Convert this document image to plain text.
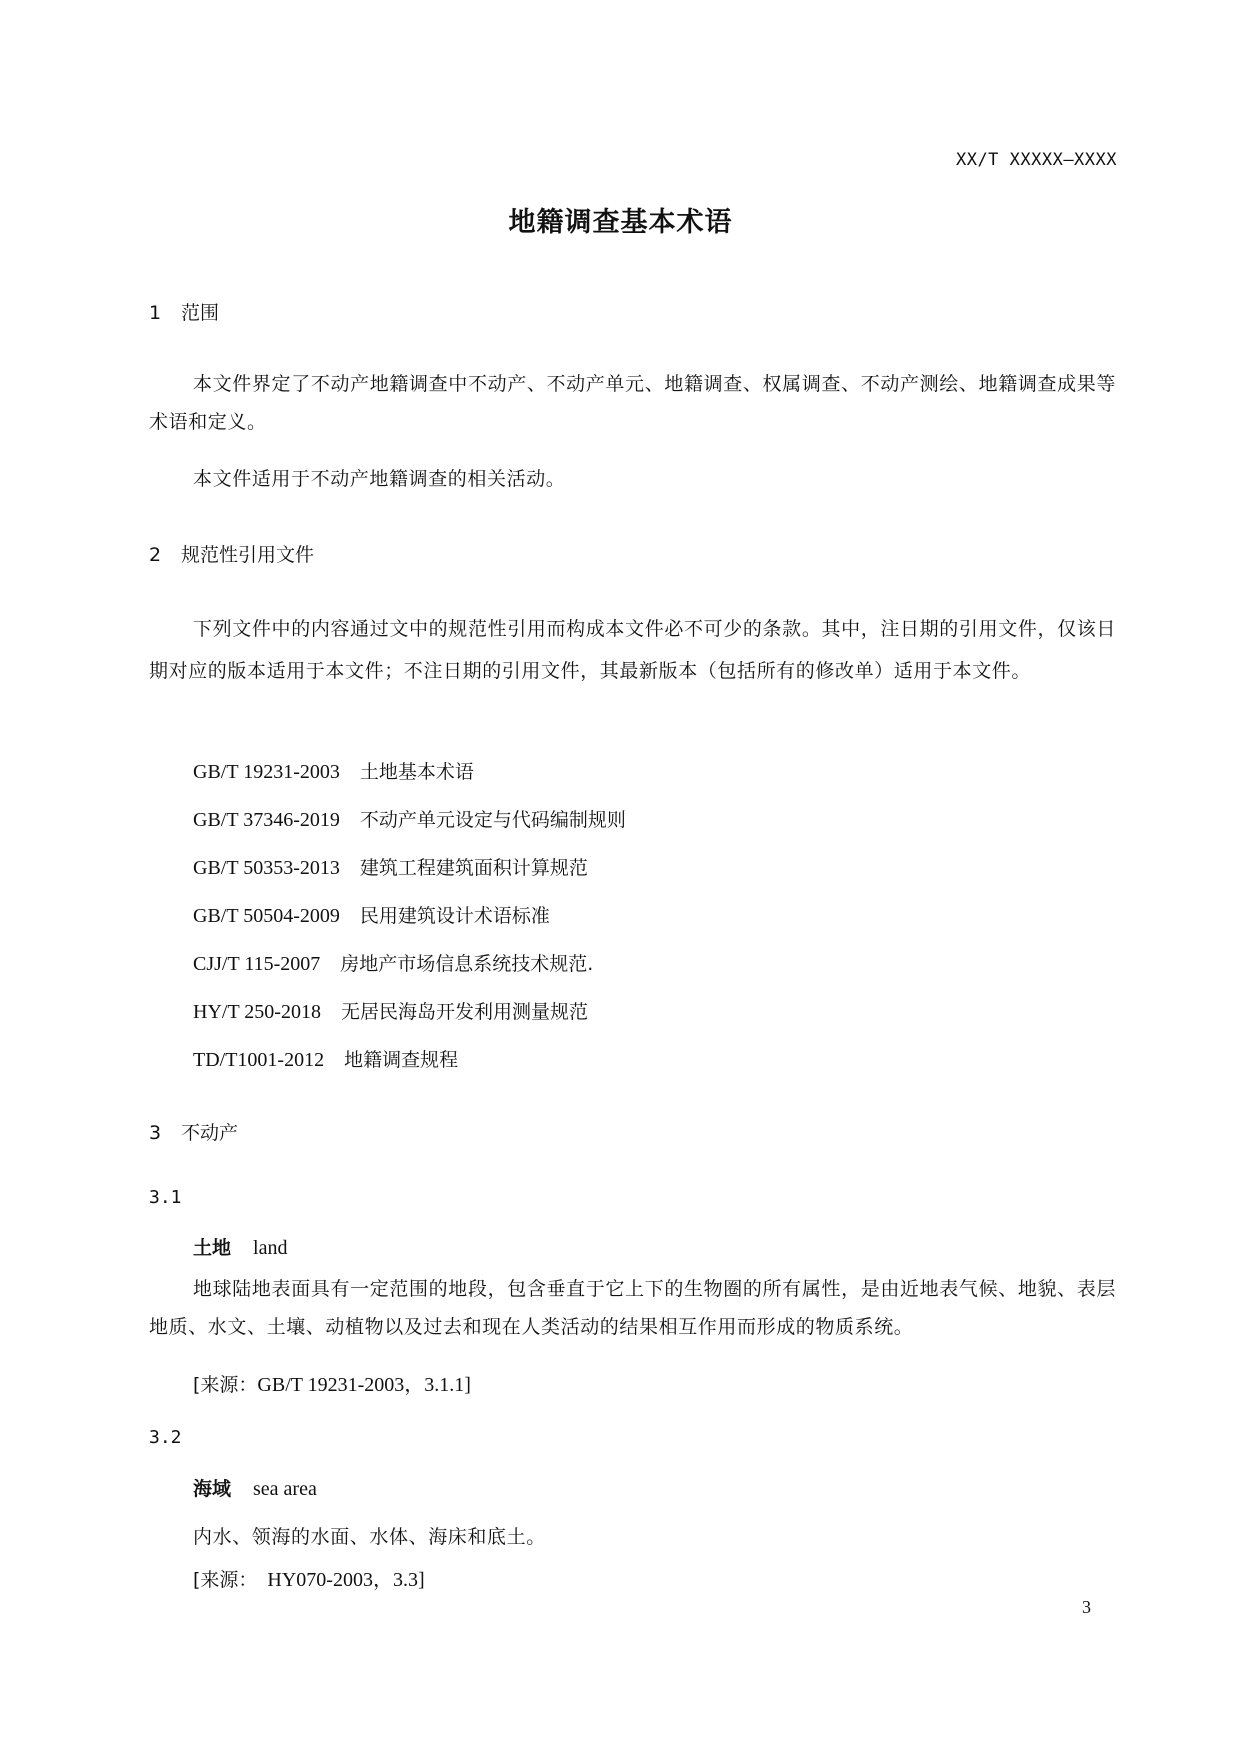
XX/T XXXXX—XXXX
地籍调查基本术语
1 范围
本文件界定了不动产地籍调查中不动产、不动产单元、地籍调查、权属调查、不动产测绘、地籍调查成果等术语和定义。
本文件适用于不动产地籍调查的相关活动。
2 规范性引用文件
下列文件中的内容通过文中的规范性引用而构成本文件必不可少的条款。其中，注日期的引用文件，仅该日期对应的版本适用于本文件；不注日期的引用文件，其最新版本（包括所有的修改单）适用于本文件。
GB/T 19231-2003 土地基本术语
GB/T 37346-2019 不动产单元设定与代码编制规则
GB/T 50353-2013 建筑工程建筑面积计算规范
GB/T 50504-2009 民用建筑设计术语标准
CJJ/T 115-2007 房地产市场信息系统技术规范.
HY/T 250-2018 无居民海岛开发利用测量规范
TD/T1001-2012 地籍调查规程
3 不动产
3.1
土地 land
地球陆地表面具有一定范围的地段，包含垂直于它上下的生物圈的所有属性，是由近地表气候、地貌、表层地质、水文、土壤、动植物以及过去和现在人类活动的结果相互作用而形成的物质系统。
[来源：GB/T 19231-2003，3.1.1]
3.2
海域 sea area
内水、领海的水面、水体、海床和底土。
[来源：  HY070-2003，3.3]
3
